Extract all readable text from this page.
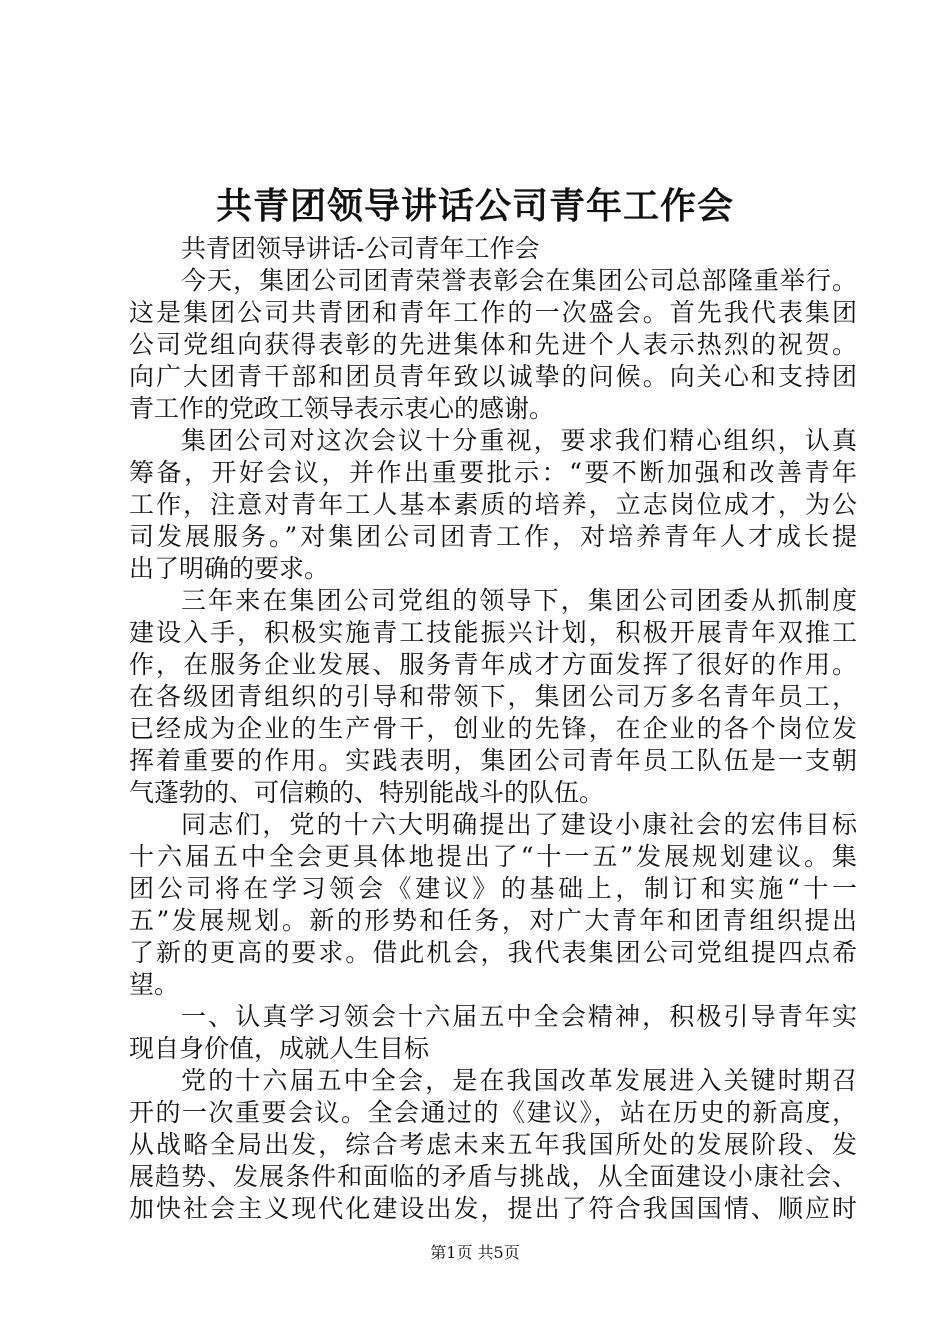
共青团领导讲话公司青年工作会
共青团领导讲话-公司青年工作会
今天，集团公司团青荣誉表彰会在集团公司总部隆重举行。
这是集团公司共青团和青年工作的一次盛会。首先我代表集团
公司党组向获得表彰的先进集体和先进个人表示热烈的祝贺。
向广大团青干部和团员青年致以诚挚的问候。向关心和支持团
青工作的党政工领导表示衷心的感谢。
集团公司对这次会议十分重视，要求我们精心组织，认真
筹备，开好会议，并作出重要批示：“要不断加强和改善青年
工作，注意对青年工人基本素质的培养，立志岗位成才，为公
司发展服务。”对集团公司团青工作，对培养青年人才成长提
出了明确的要求。
三年来在集团公司党组的领导下，集团公司团委从抓制度
建设入手，积极实施青工技能振兴计划，积极开展青年双推工
作，在服务企业发展、服务青年成才方面发挥了很好的作用。
在各级团青组织的引导和带领下，集团公司万多名青年员工，
已经成为企业的生产骨干，创业的先锋，在企业的各个岗位发
挥着重要的作用。实践表明，集团公司青年员工队伍是一支朝
气蓬勃的、可信赖的、特别能战斗的队伍。
同志们，党的十六大明确提出了建设小康社会的宏伟目标
十六届五中全会更具体地提出了“十一五”发展规划建议。集
团公司将在学习领会《建议》的基础上，制订和实施“十一
五”发展规划。新的形势和任务，对广大青年和团青组织提出
了新的更高的要求。借此机会，我代表集团公司党组提四点希
望。
一、认真学习领会十六届五中全会精神，积极引导青年实
现自身价值，成就人生目标
党的十六届五中全会，是在我国改革发展进入关键时期召
开的一次重要会议。全会通过的《建议》，站在历史的新高度，
从战略全局出发，综合考虑未来五年我国所处的发展阶段、发
展趋势、发展条件和面临的矛盾与挑战，从全面建设小康社会、
加快社会主义现代化建设出发，提出了符合我国国情、顺应时
第1页 共5页
